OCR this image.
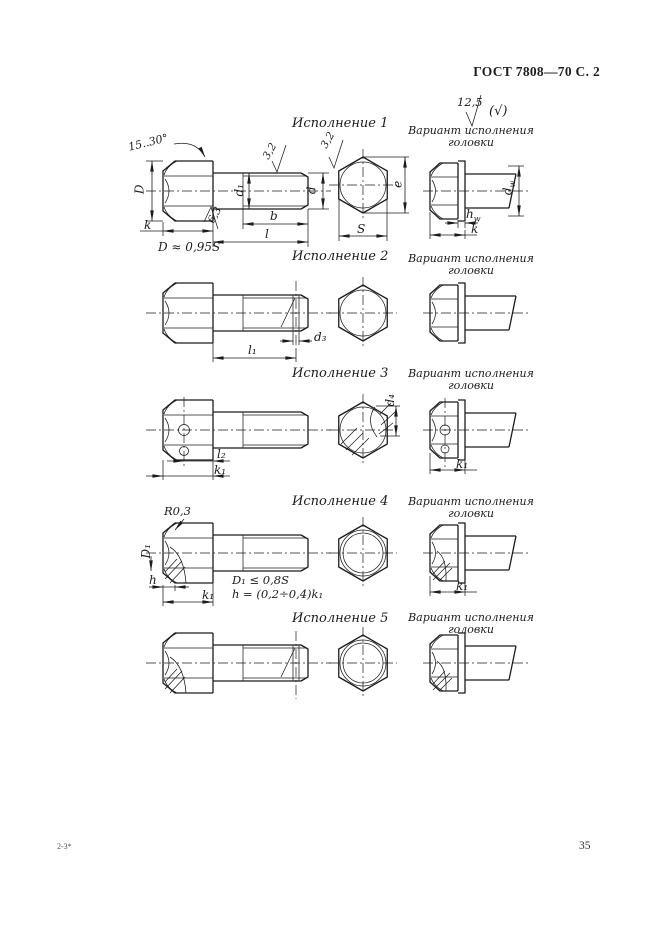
ГОСТ 7808—70 С. 2
Исполнение 1	Вариант исполнения
головки
12,5
(√)
15..30°	3,2
3,2
6,3
D	d₁	d
b
l
k
D ≈ 0,95S
e
S
$d_w$
$h_w$
k
Исполнение 2	Вариант исполнения
головки
l₁
d₃
Исполнение 3	Вариант исполнения
головки
l₂
k₁
d₄
k₁
Исполнение 4	Вариант исполнения
головки
R0,3
D₁
h
k₁
D₁ ≤ 0,8S
h = (0,2÷0,4)k₁
k₁
Исполнение 5	Вариант исполнения
головки
2-3*	35
